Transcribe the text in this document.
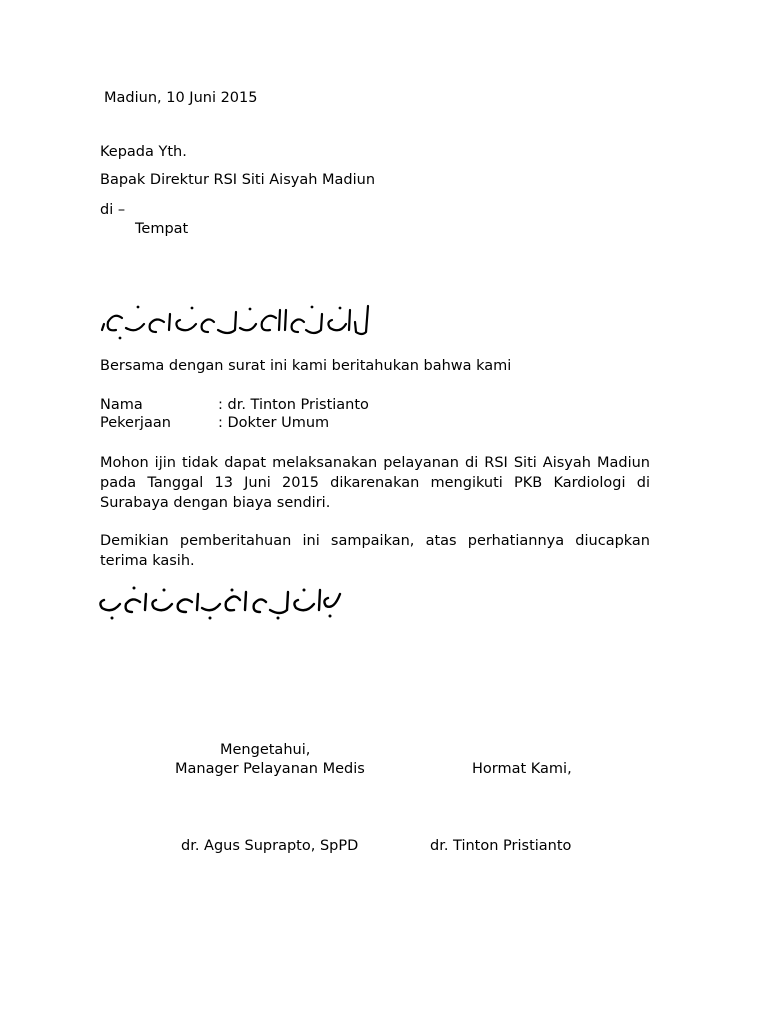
Madiun, 10 Juni 2015

Kepada Yth.

Bapak Direktur RSI Siti Aisyah Madiun

di –

Tempat

Bersama dengan surat ini kami beritahukan bahwa kami

Nama	: dr. Tinton Pristianto

Pekerjaan	: Dokter Umum

Mohon ijin tidak dapat melaksanakan pelayanan di RSI Siti Aisyah Madiun pada Tanggal 13 Juni 2015 dikarenakan mengikuti PKB Kardiologi di Surabaya dengan biaya sendiri.

Demikian pemberitahuan ini sampaikan, atas perhatiannya diucapkan terima kasih.

Mengetahui,

Manager Pelayanan Medis	Hormat Kami,

dr. Agus Suprapto, SpPD	dr. Tinton Pristianto
